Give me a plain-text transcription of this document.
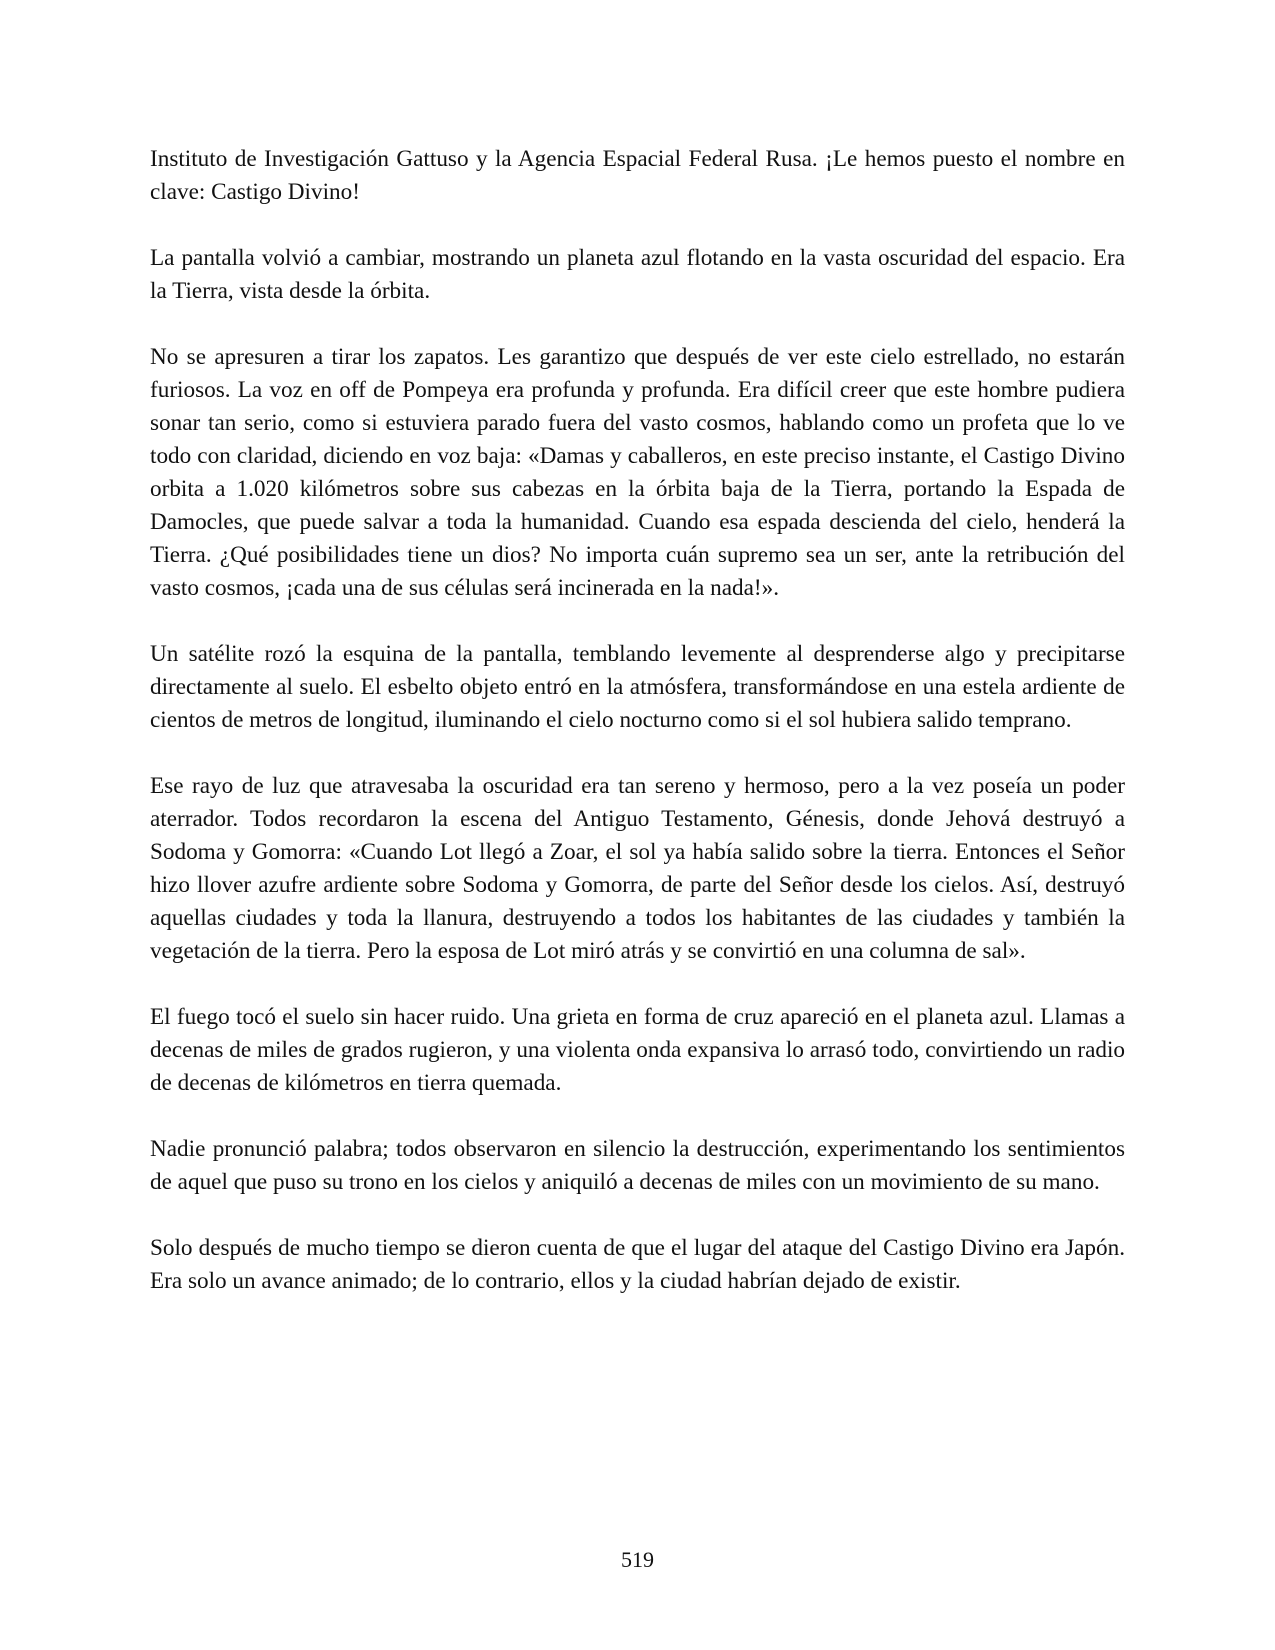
Instituto de Investigación Gattuso y la Agencia Espacial Federal Rusa. ¡Le hemos puesto el nombre en clave: Castigo Divino!

La pantalla volvió a cambiar, mostrando un planeta azul flotando en la vasta oscuridad del espacio. Era la Tierra, vista desde la órbita.

No se apresuren a tirar los zapatos. Les garantizo que después de ver este cielo estrellado, no estarán furiosos. La voz en off de Pompeya era profunda y profunda. Era difícil creer que este hombre pudiera sonar tan serio, como si estuviera parado fuera del vasto cosmos, hablando como un profeta que lo ve todo con claridad, diciendo en voz baja: «Damas y caballeros, en este preciso instante, el Castigo Divino orbita a 1.020 kilómetros sobre sus cabezas en la órbita baja de la Tierra, portando la Espada de Damocles, que puede salvar a toda la humanidad. Cuando esa espada descienda del cielo, henderá la Tierra. ¿Qué posibilidades tiene un dios? No importa cuán supremo sea un ser, ante la retribución del vasto cosmos, ¡cada una de sus células será incinerada en la nada!».

Un satélite rozó la esquina de la pantalla, temblando levemente al desprenderse algo y precipitarse directamente al suelo. El esbelto objeto entró en la atmósfera, transformándose en una estela ardiente de cientos de metros de longitud, iluminando el cielo nocturno como si el sol hubiera salido temprano.

Ese rayo de luz que atravesaba la oscuridad era tan sereno y hermoso, pero a la vez poseía un poder aterrador. Todos recordaron la escena del Antiguo Testamento, Génesis, donde Jehová destruyó a Sodoma y Gomorra: «Cuando Lot llegó a Zoar, el sol ya había salido sobre la tierra. Entonces el Señor hizo llover azufre ardiente sobre Sodoma y Gomorra, de parte del Señor desde los cielos. Así, destruyó aquellas ciudades y toda la llanura, destruyendo a todos los habitantes de las ciudades y también la vegetación de la tierra. Pero la esposa de Lot miró atrás y se convirtió en una columna de sal».

El fuego tocó el suelo sin hacer ruido. Una grieta en forma de cruz apareció en el planeta azul. Llamas a decenas de miles de grados rugieron, y una violenta onda expansiva lo arrasó todo, convirtiendo un radio de decenas de kilómetros en tierra quemada.

Nadie pronunció palabra; todos observaron en silencio la destrucción, experimentando los sentimientos de aquel que puso su trono en los cielos y aniquiló a decenas de miles con un movimiento de su mano.

Solo después de mucho tiempo se dieron cuenta de que el lugar del ataque del Castigo Divino era Japón. Era solo un avance animado; de lo contrario, ellos y la ciudad habrían dejado de existir.

519
